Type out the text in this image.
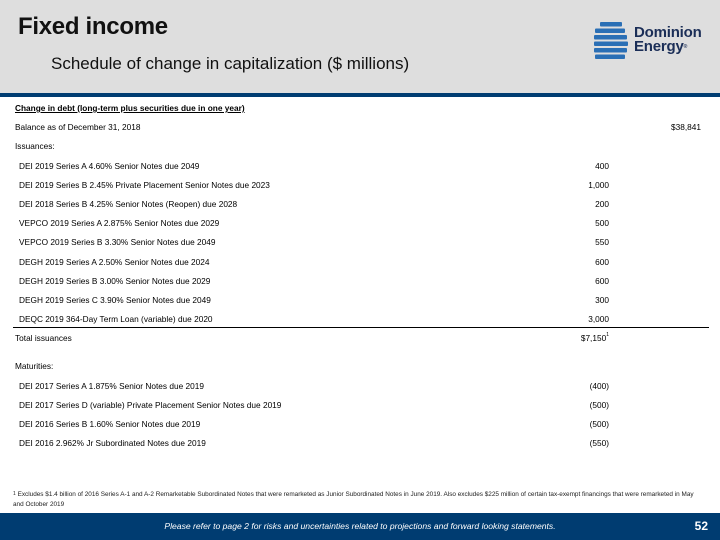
Fixed income
Schedule of change in capitalization ($ millions)
Dominion
Energy®
Change in debt (long-term plus securities due in one year)
Balance as of December 31, 2018	$38,841
Issuances:
DEI 2019 Series A 4.60% Senior Notes due 2049	400
DEI 2019 Series B 2.45% Private Placement Senior Notes due 2023	1,000
DEI 2018 Series B 4.25% Senior Notes (Reopen) due 2028	200
VEPCO 2019 Series A 2.875% Senior Notes due 2029	500
VEPCO 2019 Series B 3.30% Senior Notes due 2049	550
DEGH 2019 Series A 2.50% Senior Notes due 2024	600
DEGH 2019 Series B 3.00% Senior Notes due 2029	600
DEGH 2019 Series C 3.90% Senior Notes due 2049	300
DEQC 2019 364-Day Term Loan (variable) due 2020	3,000
Total issuances	$7,150$^1$
Maturities:
DEI 2017 Series A 1.875% Senior Notes due 2019	(400)
DEI 2017 Series D (variable) Private Placement Senior Notes due 2019	(500)
DEI 2016 Series B 1.60% Senior Notes due 2019	(500)
DEI 2016 2.962% Jr Subordinated Notes due 2019	(550)
$^1$ Excludes $1.4 billion of 2016 Series A-1 and A-2 Remarketable Subordinated Notes that were remarketed as Junior Subordinated Notes in June 2019. Also excludes $225 million of certain tax-exempt financings that were remarketed in May and October 2019
Please refer to page 2 for risks and uncertainties related to projections and forward looking statements.	52
